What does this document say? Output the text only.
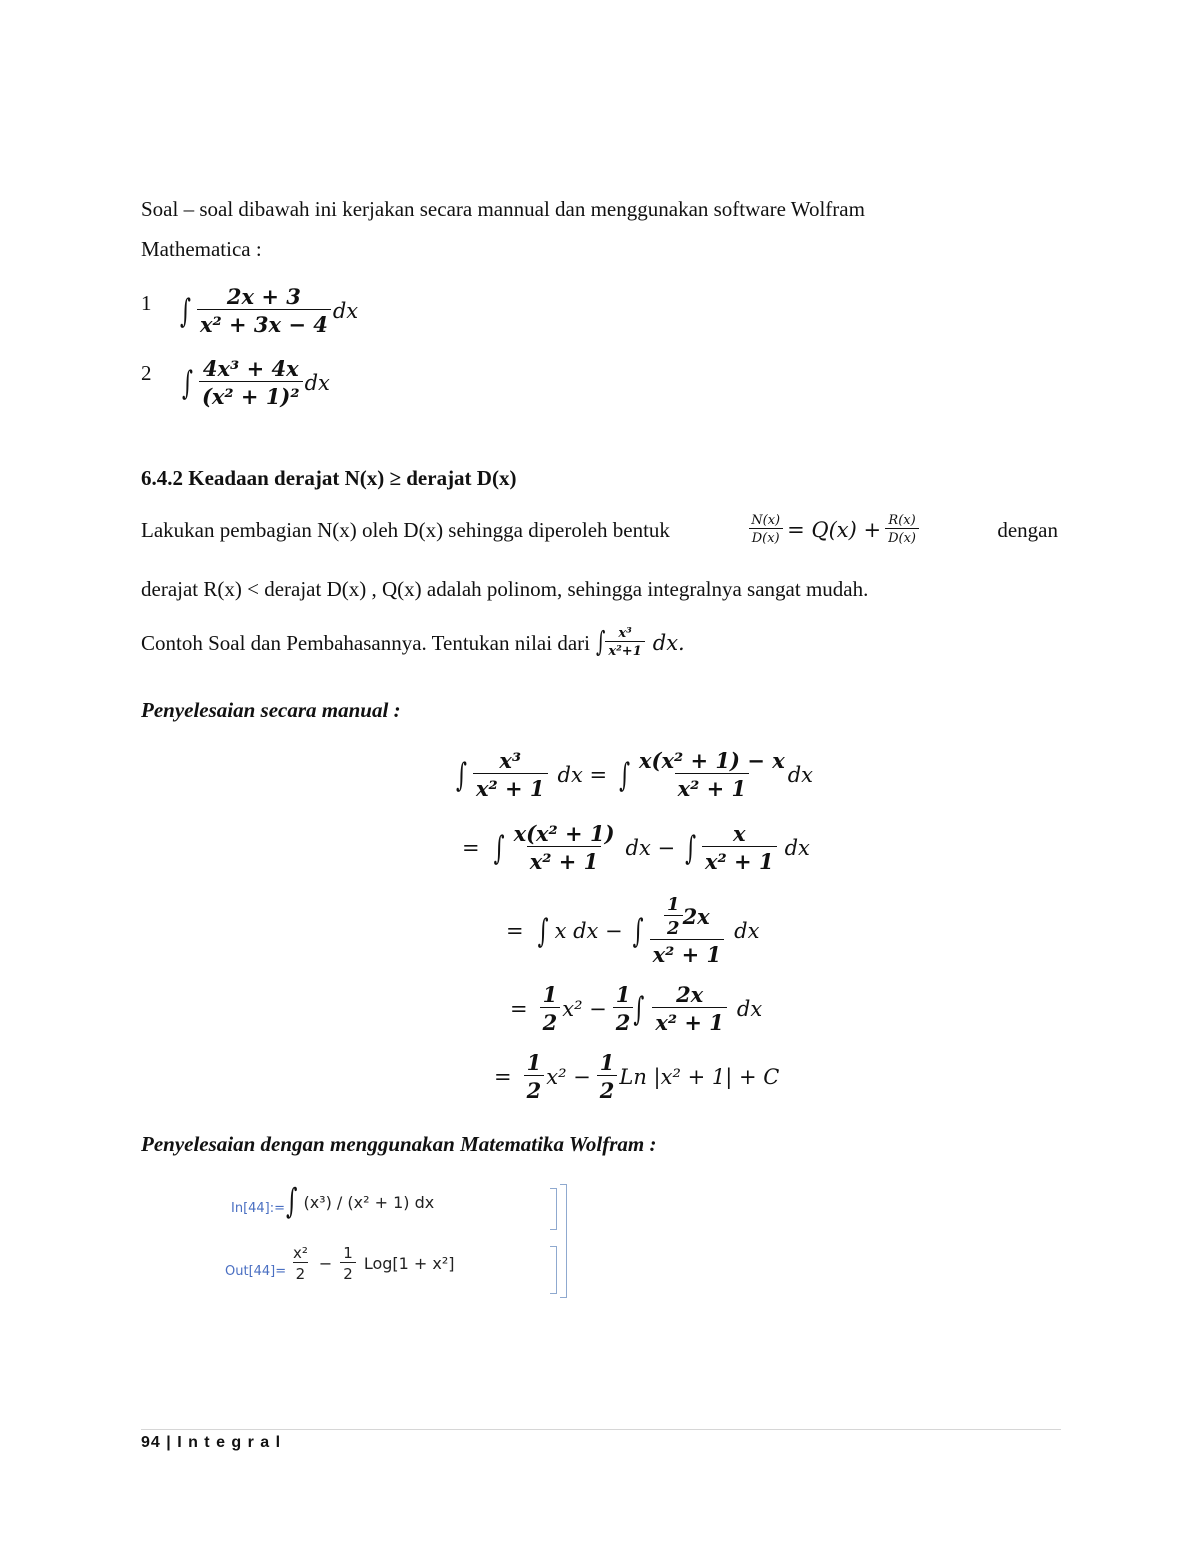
Soal – soal dibawah ini kerjakan secara mannual dan menggunakan software Wolfram
Mathematica :
1 ∫ $\frac{2x + 3}{\text{x² + 3x − 4}}$ dx
2 ∫ $\frac{\text{4x³ + 4x}}{\text{(x² + 1)²}}$ dx
6.4.2 Keadaan derajat N(x) ≥ derajat D(x)
Lakukan pembagian N(x) oleh D(x) sehingga diperoleh bentuk	$\frac{N(x)}{D(x)} = Q(x) + \frac{R(x)}{D(x)}$	dengan
derajat R(x) < derajat D(x) , Q(x) adalah polinom, sehingga integralnya sangat mudah.
Contoh Soal dan Pembahasannya. Tentukan nilai dari ∫ $\frac{\text{x³}}{\text{x²+1}}$ dx.
Penyelesaian secara manual :
∫ $\frac{\text{x³}}{\text{x² + 1}}$ dx = ∫ $\frac{\text{x(x² + 1) − x}}{\text{x² + 1}}$ dx
= ∫ $\frac{\text{x(x² + 1)}}{\text{x² + 1}}$ dx − ∫ $\frac{x}{\text{x² + 1}}$ dx
= ∫ x dx − ∫ $\frac{\frac{1}{2} 2x}{\text{x² + 1}}$ dx
= $\frac{1}{2} x^2 - \frac{1}{2}$ ∫ $\frac{2x}{\text{x² + 1}}$ dx
= $\frac{1}{2} x^2 - \frac{1}{2}$ Ln |x² + 1| + C
Penyelesaian dengan menggunakan Matematika Wolfram :
In[44]:= ∫ (x³) / (x² + 1) dx
$Out[44]= \frac{\text{x²}}{2} - \frac{1}{2} Log[1 + x^2]$
94 | I n t e g r a l
